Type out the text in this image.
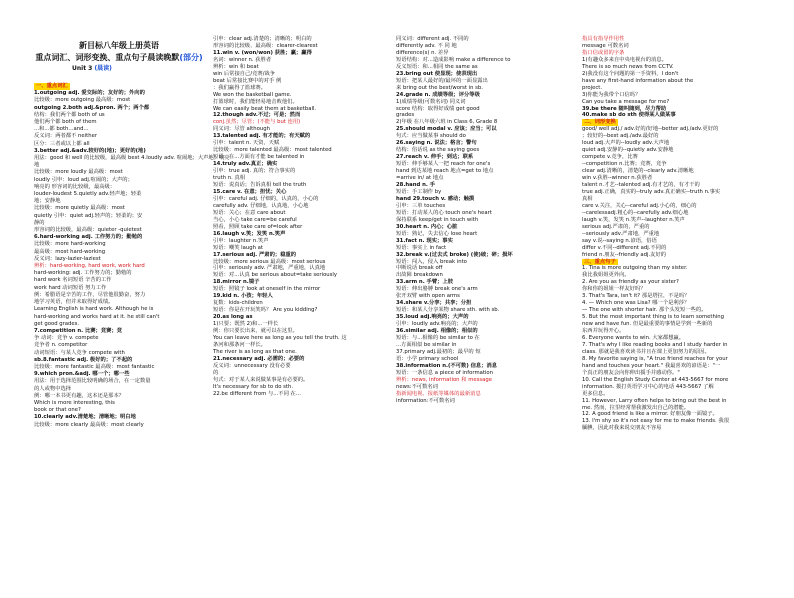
新目标八年级上册英语
重点词汇、词形变换、重点句子晨读晚默(部分)
Unit 3 (晨读)
一、重点词汇
1.outgoing adj. 爱交际的；友好的；外向的
比较级：more outgoing 最高级：most
outgoing 2.both adj.&pron. 两个；两个都
结构：我们两个都 both of us
他们两个都 both of them
...和...都 both...and...
反义词：两者都不 neither
区分：三者或以上都 all
3.better adj.&adv.较好的(地)；更好的(地)
用法：good 和 well 的比较级，最高级 best 4.loudly adv. 喧闹地；大声地；响亮
地
比较级：more loudly 最高级：most
loudly 引申：loud adj.喧闹的；大声的；
响亮的 形容词的比较级，最高级：
louder-loudest 5.quietly adv.轻声地；轻柔
地；安静地
比较级：more quietly 最高级：most
quietly 引申：quiet adj.轻声的；轻柔的；安
静的
形容词的比较级，最高级：quieter -quietest
6.hard-working adj. 工作努力的；勤勉的
比较级：more hard-working
最高级：most hard-working
反义词：lazy-lazier-laziest
辨析：hard-working, hard work, work hard
hard-working: adj. 工作努力的；勤勉的
hard work 名词短语 辛苦的工作
work hard 动词短语 努力工作
例：希腊语是辛苦的工作，尽管他很勤奋，努力
地学习英语，但并未取得好成绩。
Learning English is hard work. Although he is
hard-working and works hard at it. he still can't
get good grades.
7.competition n. 比赛；竞赛；竞
争 动词：竞争 v. compete
竞争者 n. competitor
动词短语：与某人竞争 compete with
sb.8.fantastic adj. 极好的；了不起的
比较级：more fantastic 最高级：most fantastic
9.which pron.&adj. 哪一个；哪一些
用法：用于选择范围比较明确的场合，在一定数量
的人或物中选择
例：哪一本书更有趣，这本还是那本？
Which is more interesting, this
book or that one?
10.clearly adv.清楚地；清晰地；明白地
比较级：more clearly 最高级：most clearly
引申：clear adj.清楚的；清晰的；明白的
形容词的比较级、最高级：clearer-clearest
11.win v. (won/won) 获胜；赢；赢得
名词：winner n. 获胜者
辨析：win 和 beat
win 后常接自己/竞赛/战争
beat 后常接比赛中的对手 例
：我们赢得了篮球赛。
We won the basketball game.
打篮球时，我们能轻易地击败他们。
We can easily beat them at basketball.
12.though adv.不过；可是；然而
conj.虽然；尽管；(不能与 but 连用)
同义词：尽管 although
13.talented adj. 有才能的；有天赋的
引申：talent n. 天资，天赋
比较级：more talented 最高级：most talented
短语：在...方面有才能 be talented in
14.truly adv.真正；确实
引申：true adj. 真的；符合事实的
truth n. 真相
短语：说真话；告诉真相 tell the truth
15.care v. 在意；担忧；关心
引申：careful adj. 仔细的，认真的，小心的
carefully adv. 仔细地，认真地，小心地
短语：关心；在意 care about
当心，小心 take care=be careful
照看，照顾 take care of=look after
16.laugh v.笑；发笑 n.笑声
引申：laughter n.笑声
短语：嘲笑 laugh at
17.serious adj. 严肃的；稳重的
比较级：more serious 最高级：most serious
引申：seriously adv. 严肃地，严重地，认真地
短语：对...认真 be serious about=take seriously
18.mirror n.镜子
短语：照镜子 look at oneself in the mirror
19.kid n. 小孩；年轻人
复数：kids-children
短语：你是在开玩笑吗？ Are you kidding?
20.as long as
1)只要；既然 2)和...一样长
例：你只要长出来，就可以在这里。
You can leave here as long as you tell the truth. 这
条河和那条河一样长。
The river is as long as that one.
21.necessary adj. 必需的；必要的
反义词：unnecessary 没有必要
的
句式：对于某人来说做某事是有必要的。
It's necessary for sb to do sth.
22.be different from 与...不同 在...
同义词：different adj. 不同的
differently adv. 不 同 地
difference(s) n. 差异
短语结构：对...造成影响 make a difference to
反义短语：和...相同 the same as
23.bring out 使显现；使表现出
短语：把某人最好的/最坏的一面显露出
来 bring out the best/worst in sb.
24.grade n. 成绩等级；评分等级
1)成绩等级(可数名词) 同义词
score 结构：取得好成绩 get good
grades
2)年级 在八年级六班 in Class 6, Grade 8
25.should modal v. 应该；应当；可以
句式：应当做某事 should do
26.saying n. 说法；格言；警句
结构：俗话说 as the saying goes
27.reach v. 伸手；到达；联系
短语：伸手够某人一把 reach for one's
hand 到达某地 reach 地点=get to 地点
=arrive in/ at 地点
28.hand n. 手
短语：手工制作 by
hand 29.touch v. 感动；触摸
引申：三单 touches
短语：打动某人的心 touch one's heart
保持联系 keep/get in touch with
30.heart n. 内心；心脏
短语：熟记，失去信心 lose heart
31.fact n. 现实；事实
短语：事实上 in fact
32.break v.(过去式 broke) (使)破；碎；损坏
短语：闯入，侵入 break into
中断说话 break off
出故障 breakdown
33.arm n. 手臂；上肢
短语：伸出胳膊 break one's arm
张开双臂 with open arms
34.share v.分享；共享；分担
短语：和某人分享某物 share sth. with sb.
35.loud adj.响亮的；大声的
引申：loudly adv.响亮的；大声的
36.similar adj. 相像的；相似的
短语：与...相像的 be similar to 在
...方面相似 be similar in
37.primary adj.最初的；最早的 短
语：小学 primary school
38.information n.(不可数) 信息；消息
短语：一条信息 a piece of information
辨析：news, information 和 message
news:不可数名词
指新闻电视、报纸等媒体的最新消息
information:不可数名词
指具有指导作用性
message 可数名词
指口信或留的字条
1)有趣众多来自中央电视台的消息。
There is so much news from CCTV.
2)我没有这个问题的第一手资料，I don't
have any first-hand information about the
project.
3)你能为我带个口信吗？
Can you take a message for me?
39.be there 随叫随到，尽力帮助
40.make sb do sth 使得某人做某事
二、词形变换
good/ well adj./ adv.好的/好地--better adj./adv.更好的
；较好的--best adj./adv.最好的
loud adj.大声的--loudly adv.大声地
quiet adj.安静的--quietly adv.安静地
compete v.竞争，比赛
--competition n.比赛；竞赛，竞争
clear adj.清晰的，清楚的--clearly adv.清晰地
win v.获胜--winner n.获胜者
talent n.才艺--talented adj.有才艺的，有才干的
true adj.正确，真实的--truly adv.真正确实--truth n.事实
真相
care v.关注，关心--careful adj.小心的，细心的
--carelessadj.粗心的--carefully adv.细心地
laugh v.笑，发笑 n.笑声--laughter n.笑声
serious adj.严肃的，严重的
--seriously adv.严肃地，严重地
say v.说--saying n.谚语，俗语
differ v.不同--different adj.不同的
friend n.朋友--friendly adj.友好的
三、重点句子
1. Tina is more outgoing than my sister.
我比我姐姐更外向。
2. Are you as friendly as your sister?
你和你的姐姐一样友好吗？
3. That's Tara, isn't it? 那是塔拉，不是吗？
4. — Which one was Lisa? 哪一个是利莎？
— The one with shorter hair. 那个头发短一些的。
5. But the most important thing is to learn something
new and have fun. 但是最重要的事情是学到一些新的
东西并玩得开心。
6. Everyone wants to win. 大家都想赢。
7. That's why I like reading books and I study harder in
class. 那就是我喜欢读书并且在课上更加努力的原因。
8. My favorite saying is, "A true friend reaches for your
hand and touches your heart." 我最喜欢的谚语是："一
个真正的朋友会向你伸出援手并感动你。"
10. Call the English Study Center at 443-5667 for more
information. 拨打英语学习中心的电话 443-5667 了解
更多信息。
11. However, Larry often helps to bring out the best in
me. 然而，拉里经常帮我激发出自己的潜能。
12. A good friend is like a mirror. 好朋友像一面镜子。
13. I'm shy so it's not easy for me to make friends. 我很
腼腆，因此对我来说交朋友不容易
